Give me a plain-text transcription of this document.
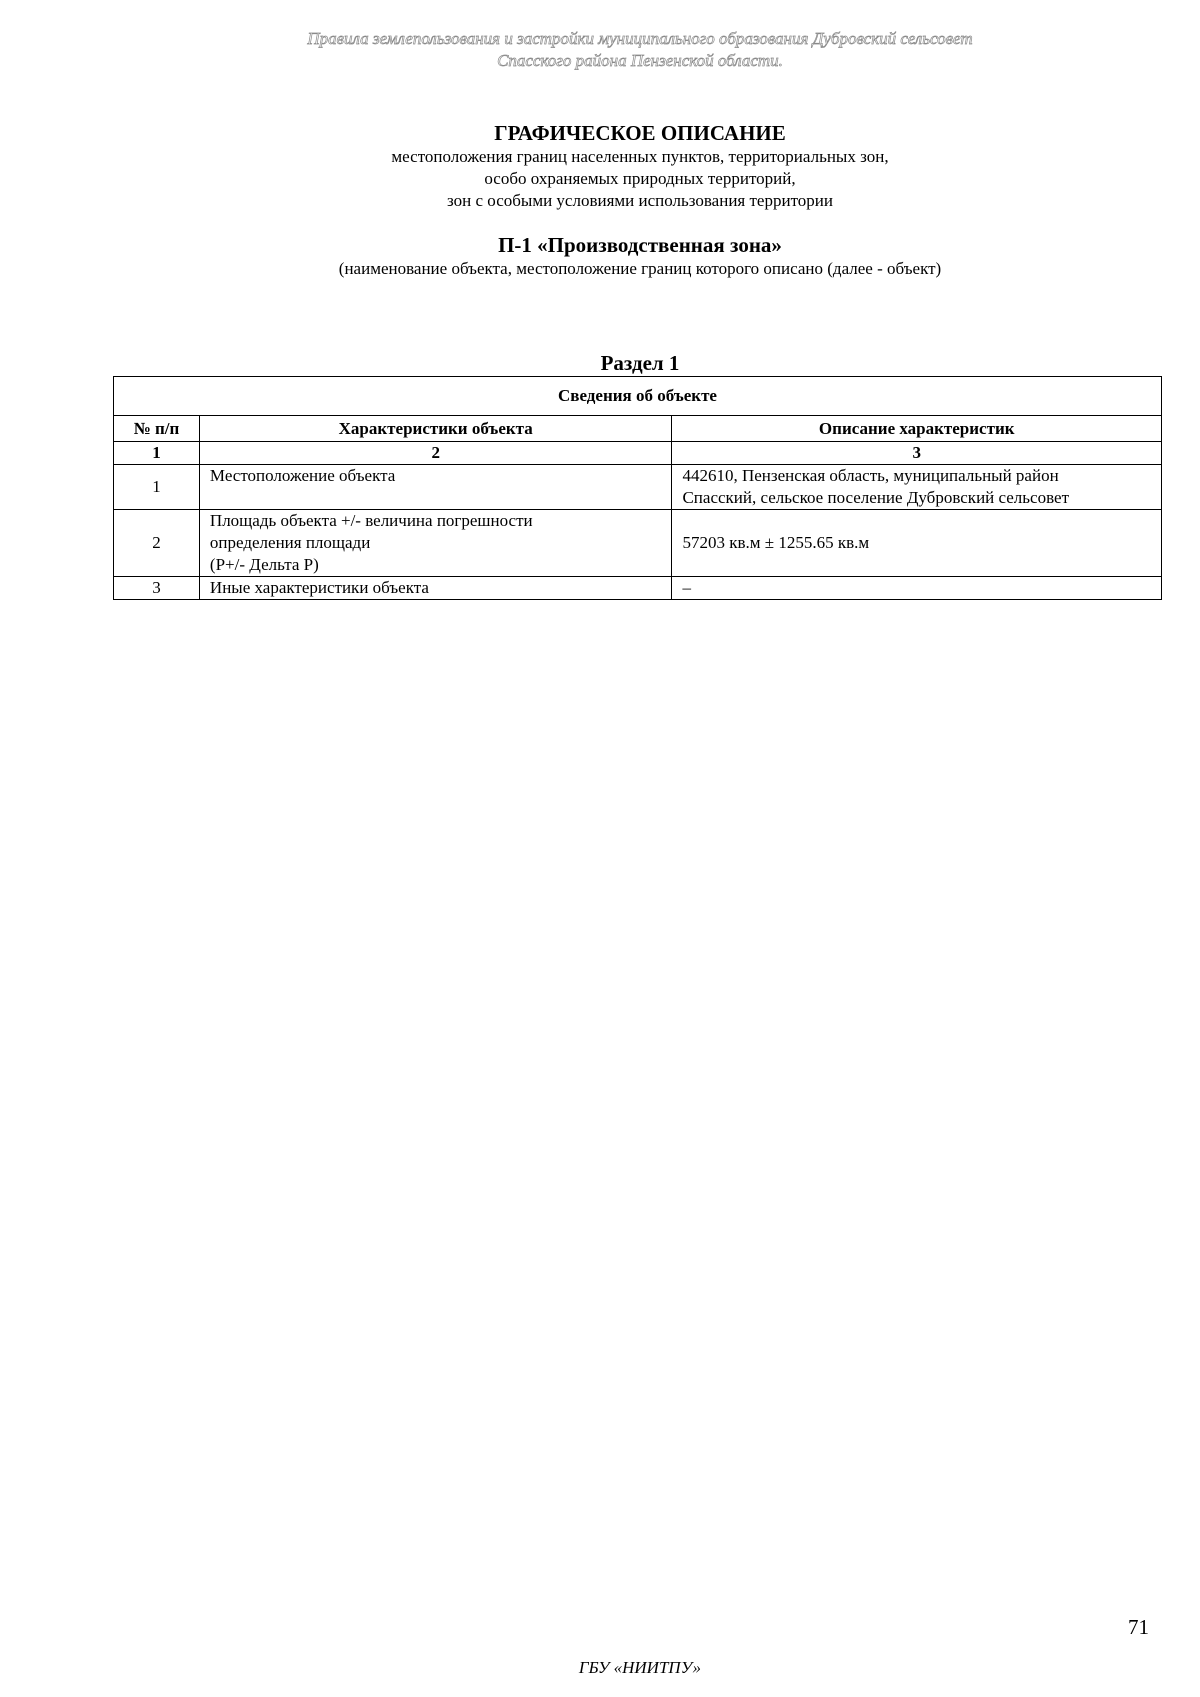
Правила землепользования и застройки муниципального образования Дубровский сельсовет
Спасского района Пензенской области.
ГРАФИЧЕСКОЕ ОПИСАНИЕ
местоположения границ населенных пунктов, территориальных зон,
особо охраняемых природных территорий,
зон с особыми условиями использования территории
П-1 «Производственная зона»
(наименование объекта, местоположение границ которого описано (далее - объект)
Раздел 1
Сведения об объекте		
№ п/п	Характеристики объекта	Описание характеристик
1	2	3
1	Местоположение объекта	442610, Пензенская область, муниципальный район
Спасский, сельское поселение Дубровский сельсовет

2	Площадь объекта +/- величина погрешности
определения площади
(Р+/- Дельта Р)	57203 кв.м ± 1255.65 кв.м

3	Иные характеристики объекта	–
71
ГБУ «НИИТПУ»
